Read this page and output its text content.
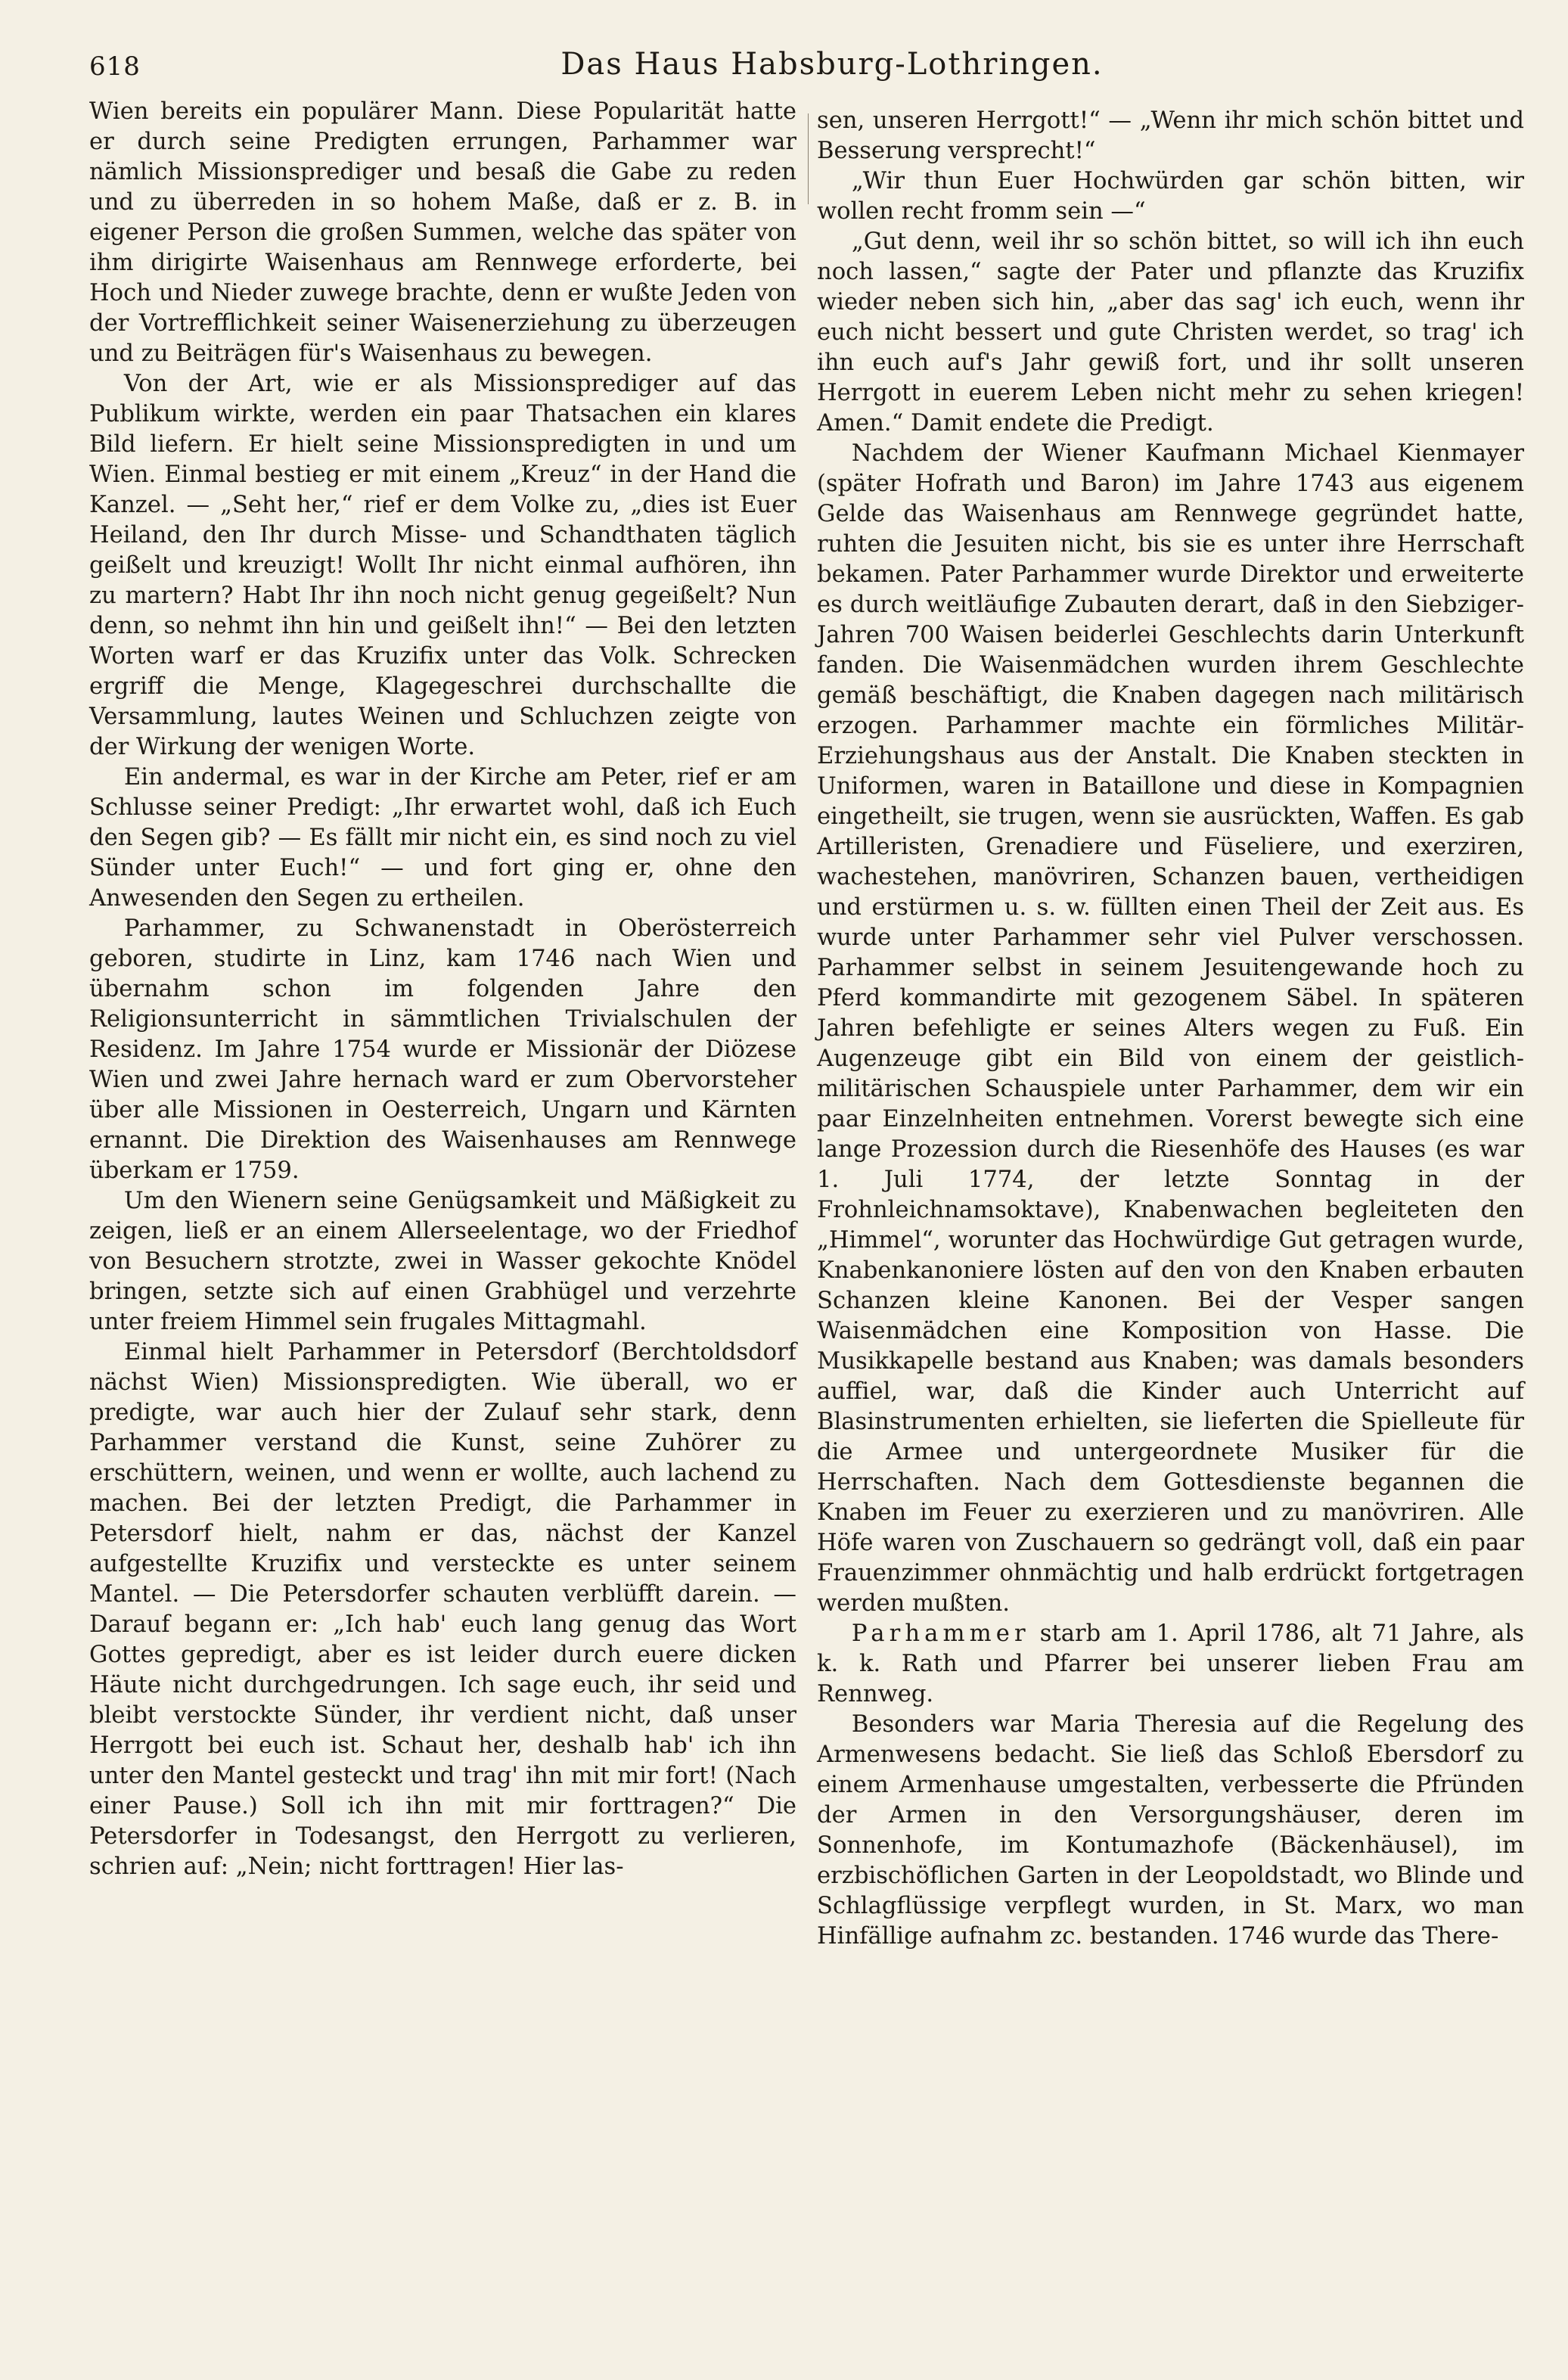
618	Das Haus Habsburg-Lothringen.

Wien bereits ein populärer Mann. Diese Popularität hatte er durch seine Predigten errungen, Parhammer war nämlich Missionsprediger und besaß die Gabe zu reden und zu überreden in so hohem Maße, daß er z. B. in eigener Person die großen Summen, welche das später von ihm dirigirte Waisenhaus am Rennwege erforderte, bei Hoch und Nieder zuwege brachte, denn er wußte Jeden von der Vortrefflichkeit seiner Waisenerziehung zu überzeugen und zu Beiträgen für's Waisenhaus zu bewegen.

Von der Art, wie er als Missionsprediger auf das Publikum wirkte, werden ein paar Thatsachen ein klares Bild liefern. Er hielt seine Missionspredigten in und um Wien. Einmal bestieg er mit einem „Kreuz“ in der Hand die Kanzel. — „Seht her,“ rief er dem Volke zu, „dies ist Euer Heiland, den Ihr durch Misse- und Schandthaten täglich geißelt und kreuzigt! Wollt Ihr nicht einmal aufhören, ihn zu martern? Habt Ihr ihn noch nicht genug gegeißelt? Nun denn, so nehmt ihn hin und geißelt ihn!“ — Bei den letzten Worten warf er das Kruzifix unter das Volk. Schrecken ergriff die Menge, Klagegeschrei durchschallte die Versammlung, lautes Weinen und Schluchzen zeigte von der Wirkung der wenigen Worte.

Ein andermal, es war in der Kirche am Peter, rief er am Schlusse seiner Predigt: „Ihr erwartet wohl, daß ich Euch den Segen gib? — Es fällt mir nicht ein, es sind noch zu viel Sünder unter Euch!“ — und fort ging er, ohne den Anwesenden den Segen zu ertheilen.

Parhammer, zu Schwanenstadt in Oberösterreich geboren, studirte in Linz, kam 1746 nach Wien und übernahm schon im folgenden Jahre den Religionsunterricht in sämmtlichen Trivialschulen der Residenz. Im Jahre 1754 wurde er Missionär der Diözese Wien und zwei Jahre hernach ward er zum Obervorsteher über alle Missionen in Oesterreich, Ungarn und Kärnten ernannt. Die Direktion des Waisenhauses am Rennwege überkam er 1759.

Um den Wienern seine Genügsamkeit und Mäßigkeit zu zeigen, ließ er an einem Allerseelentage, wo der Friedhof von Besuchern strotzte, zwei in Wasser gekochte Knödel bringen, setzte sich auf einen Grabhügel und verzehrte unter freiem Himmel sein frugales Mittagmahl.

Einmal hielt Parhammer in Petersdorf (Berchtoldsdorf nächst Wien) Missionspredigten. Wie überall, wo er predigte, war auch hier der Zulauf sehr stark, denn Parhammer verstand die Kunst, seine Zuhörer zu erschüttern, weinen, und wenn er wollte, auch lachend zu machen. Bei der letzten Predigt, die Parhammer in Petersdorf hielt, nahm er das, nächst der Kanzel aufgestellte Kruzifix und versteckte es unter seinem Mantel. — Die Petersdorfer schauten verblüfft darein. — Darauf begann er: „Ich hab' euch lang genug das Wort Gottes gepredigt, aber es ist leider durch euere dicken Häute nicht durchgedrungen. Ich sage euch, ihr seid und bleibt verstockte Sünder, ihr verdient nicht, daß unser Herrgott bei euch ist. Schaut her, deshalb hab' ich ihn unter den Mantel gesteckt und trag' ihn mit mir fort! (Nach einer Pause.) Soll ich ihn mit mir forttragen?“ Die Petersdorfer in Todesangst, den Herrgott zu verlieren, schrien auf: „Nein; nicht forttragen! Hier las-

sen, unseren Herrgott!“ — „Wenn ihr mich schön bittet und Besserung versprecht!“

„Wir thun Euer Hochwürden gar schön bitten, wir wollen recht fromm sein —“

„Gut denn, weil ihr so schön bittet, so will ich ihn euch noch lassen,“ sagte der Pater und pflanzte das Kruzifix wieder neben sich hin, „aber das sag' ich euch, wenn ihr euch nicht bessert und gute Christen werdet, so trag' ich ihn euch auf's Jahr gewiß fort, und ihr sollt unseren Herrgott in euerem Leben nicht mehr zu sehen kriegen! Amen.“ Damit endete die Predigt.

Nachdem der Wiener Kaufmann Michael Kienmayer (später Hofrath und Baron) im Jahre 1743 aus eigenem Gelde das Waisenhaus am Rennwege gegründet hatte, ruhten die Jesuiten nicht, bis sie es unter ihre Herrschaft bekamen. Pater Parhammer wurde Direktor und erweiterte es durch weitläufige Zubauten derart, daß in den Siebziger-Jahren 700 Waisen beiderlei Geschlechts darin Unterkunft fanden. Die Waisenmädchen wurden ihrem Geschlechte gemäß beschäftigt, die Knaben dagegen nach militärisch erzogen. Parhammer machte ein förmliches Militär-Erziehungshaus aus der Anstalt. Die Knaben steckten in Uniformen, waren in Bataillone und diese in Kompagnien eingetheilt, sie trugen, wenn sie ausrückten, Waffen. Es gab Artilleristen, Grenadiere und Füseliere, und exerziren, wachestehen, manövriren, Schanzen bauen, vertheidigen und erstürmen u. s. w. füllten einen Theil der Zeit aus. Es wurde unter Parhammer sehr viel Pulver verschossen. Parhammer selbst in seinem Jesuitengewande hoch zu Pferd kommandirte mit gezogenem Säbel. In späteren Jahren befehligte er seines Alters wegen zu Fuß. Ein Augenzeuge gibt ein Bild von einem der geistlich-militärischen Schauspiele unter Parhammer, dem wir ein paar Einzelnheiten entnehmen. Vorerst bewegte sich eine lange Prozession durch die Riesenhöfe des Hauses (es war 1. Juli 1774, der letzte Sonntag in der Frohnleichnamsoktave), Knabenwachen begleiteten den „Himmel“, worunter das Hochwürdige Gut getragen wurde, Knabenkanoniere lösten auf den von den Knaben erbauten Schanzen kleine Kanonen. Bei der Vesper sangen Waisenmädchen eine Komposition von Hasse. Die Musikkapelle bestand aus Knaben; was damals besonders auffiel, war, daß die Kinder auch Unterricht auf Blasinstrumenten erhielten, sie lieferten die Spielleute für die Armee und untergeordnete Musiker für die Herrschaften. Nach dem Gottesdienste begannen die Knaben im Feuer zu exerzieren und zu manövriren. Alle Höfe waren von Zuschauern so gedrängt voll, daß ein paar Frauenzimmer ohnmächtig und halb erdrückt fortgetragen werden mußten.

Parhammer starb am 1. April 1786, alt 71 Jahre, als k. k. Rath und Pfarrer bei unserer lieben Frau am Rennweg.

Besonders war Maria Theresia auf die Regelung des Armenwesens bedacht. Sie ließ das Schloß Ebersdorf zu einem Armenhause umgestalten, verbesserte die Pfründen der Armen in den Versorgungshäuser, deren im Sonnenhofe, im Kontumazhofe (Bäckenhäusel), im erzbischöflichen Garten in der Leopoldstadt, wo Blinde und Schlagflüssige verpflegt wurden, in St. Marx, wo man Hinfällige aufnahm zc. bestanden. 1746 wurde das There-
